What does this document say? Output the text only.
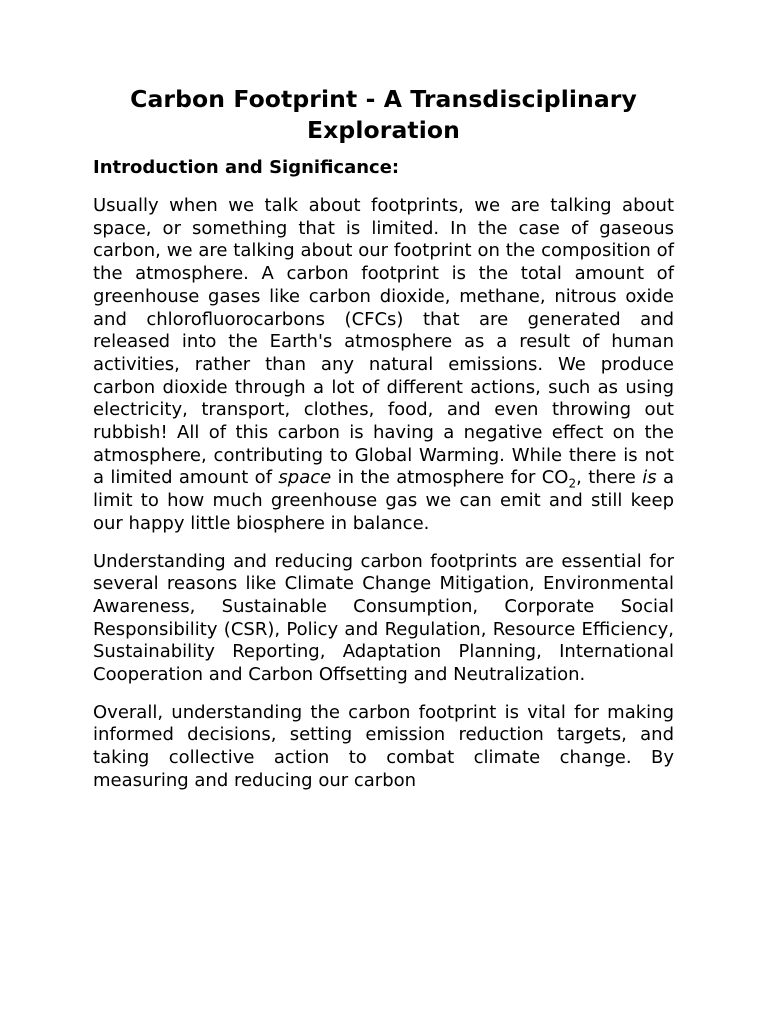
Carbon Footprint - A Transdisciplinary Exploration
Introduction and Significance:

Usually when we talk about footprints, we are talking about space, or something that is limited. In the case of gaseous carbon, we are talking about our footprint on the composition of the atmosphere. A carbon footprint is the total amount of greenhouse gases like carbon dioxide, methane, nitrous oxide and chlorofluorocarbons (CFCs) that are generated and released into the Earth's atmosphere as a result of human activities, rather than any natural emissions. We produce carbon dioxide through a lot of different actions, such as using electricity, transport, clothes, food, and even throwing out rubbish! All of this carbon is having a negative effect on the atmosphere, contributing to Global Warming. While there is not a limited amount of space in the atmosphere for $CO_2$, there is a limit to how much greenhouse gas we can emit and still keep our happy little biosphere in balance.

Understanding and reducing carbon footprints are essential for several reasons like Climate Change Mitigation, Environmental Awareness, Sustainable Consumption, Corporate Social Responsibility (CSR), Policy and Regulation, Resource Efficiency, Sustainability Reporting, Adaptation Planning, International Cooperation and Carbon Offsetting and Neutralization.

Overall, understanding the carbon footprint is vital for making informed decisions, setting emission reduction targets, and taking collective action to combat climate change. By measuring and reducing our carbon
